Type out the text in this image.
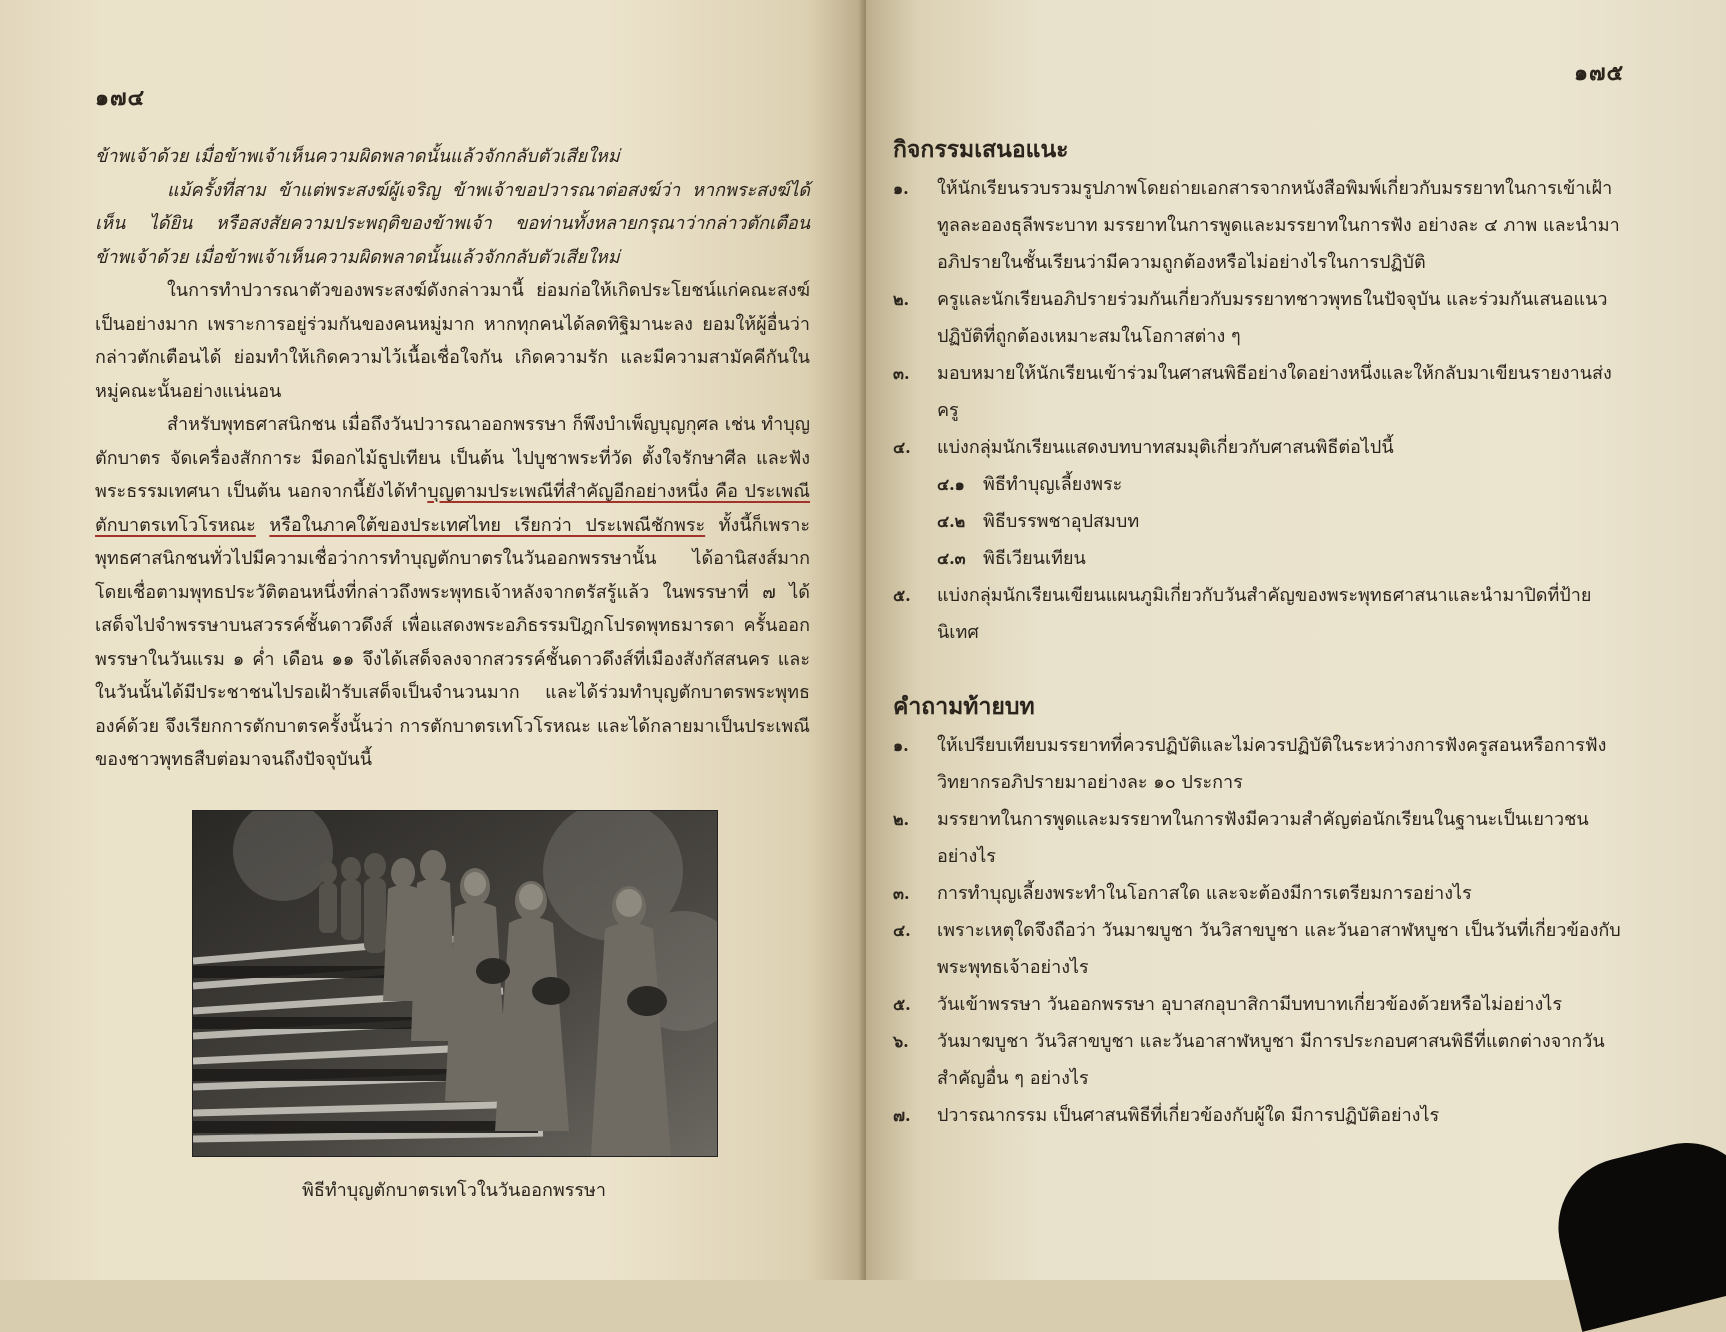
๑๗๔

ข้าพเจ้าด้วย เมื่อข้าพเจ้าเห็นความผิดพลาดนั้นแล้วจักกลับตัวเสียใหม่

แม้ครั้งที่สาม ข้าแต่พระสงฆ์ผู้เจริญ ข้าพเจ้าขอปวารณาต่อสงฆ์ว่า หากพระสงฆ์ได้เห็น ได้ยิน หรือสงสัยความประพฤติของข้าพเจ้า ขอท่านทั้งหลายกรุณาว่ากล่าวตักเตือนข้าพเจ้าด้วย เมื่อข้าพเจ้าเห็นความผิดพลาดนั้นแล้วจักกลับตัวเสียใหม่

ในการทำปวารณาตัวของพระสงฆ์ดังกล่าวมานี้ ย่อมก่อให้เกิดประโยชน์แก่คณะสงฆ์เป็นอย่างมาก เพราะการอยู่ร่วมกันของคนหมู่มาก หากทุกคนได้ลดทิฐิมานะลง ยอมให้ผู้อื่นว่ากล่าวตักเตือนได้ ย่อมทำให้เกิดความไว้เนื้อเชื่อใจกัน เกิดความรัก และมีความสามัคคีกันในหมู่คณะนั้นอย่างแน่นอน

สำหรับพุทธศาสนิกชน เมื่อถึงวันปวารณาออกพรรษา ก็พึงบำเพ็ญบุญกุศล เช่น ทำบุญตักบาตร จัดเครื่องสักการะ มีดอกไม้ธูปเทียน เป็นต้น ไปบูชาพระที่วัด ตั้งใจรักษาศีล และฟังพระธรรมเทศนา เป็นต้น นอกจากนี้ยังได้ทำบุญตามประเพณีที่สำคัญอีกอย่างหนึ่ง คือ ประเพณีตักบาตรเทโวโรหณะ หรือในภาคใต้ของประเทศไทย เรียกว่า ประเพณีชักพระ ทั้งนี้ก็เพราะพุทธศาสนิกชนทั่วไปมีความเชื่อว่าการทำบุญตักบาตรในวันออกพรรษานั้น ได้อานิสงส์มากโดยเชื่อตามพุทธประวัติตอนหนึ่งที่กล่าวถึงพระพุทธเจ้าหลังจากตรัสรู้แล้ว ในพรรษาที่ ๗ ได้เสด็จไปจำพรรษาบนสวรรค์ชั้นดาวดึงส์ เพื่อแสดงพระอภิธรรมปิฎกโปรดพุทธมารดา ครั้นออกพรรษาในวันแรม ๑ ค่ำ เดือน ๑๑ จึงได้เสด็จลงจากสวรรค์ชั้นดาวดึงส์ที่เมืองสังกัสสนคร และในวันนั้นได้มีประชาชนไปรอเฝ้ารับเสด็จเป็นจำนวนมาก และได้ร่วมทำบุญตักบาตรพระพุทธองค์ด้วย จึงเรียกการตักบาตรครั้งนั้นว่า การตักบาตรเทโวโรหณะ และได้กลายมาเป็นประเพณีของชาวพุทธสืบต่อมาจนถึงปัจจุบันนี้

พิธีทำบุญตักบาตรเทโวในวันออกพรรษา
๑๗๕
กิจกรรมเสนอแนะ
๑. ให้นักเรียนรวบรวมรูปภาพโดยถ่ายเอกสารจากหนังสือพิมพ์เกี่ยวกับมรรยาทในการเข้าเฝ้าทูลละอองธุลีพระบาท มรรยาทในการพูดและมรรยาทในการฟัง อย่างละ ๔ ภาพ และนำมาอภิปรายในชั้นเรียนว่ามีความถูกต้องหรือไม่อย่างไรในการปฏิบัติ
๒. ครูและนักเรียนอภิปรายร่วมกันเกี่ยวกับมรรยาทชาวพุทธในปัจจุบัน และร่วมกันเสนอแนวปฏิบัติที่ถูกต้องเหมาะสมในโอกาสต่าง ๆ
๓. มอบหมายให้นักเรียนเข้าร่วมในศาสนพิธีอย่างใดอย่างหนึ่งและให้กลับมาเขียนรายงานส่งครู
๔. แบ่งกลุ่มนักเรียนแสดงบทบาทสมมุติเกี่ยวกับศาสนพิธีต่อไปนี้
๔.๑ พิธีทำบุญเลี้ยงพระ
๔.๒ พิธีบรรพชาอุปสมบท
๔.๓ พิธีเวียนเทียน
๕. แบ่งกลุ่มนักเรียนเขียนแผนภูมิเกี่ยวกับวันสำคัญของพระพุทธศาสนาและนำมาปิดที่ป้ายนิเทศ
คำถามท้ายบท
๑. ให้เปรียบเทียบมรรยาทที่ควรปฏิบัติและไม่ควรปฏิบัติในระหว่างการฟังครูสอนหรือการฟังวิทยากรอภิปรายมาอย่างละ ๑๐ ประการ
๒. มรรยาทในการพูดและมรรยาทในการฟังมีความสำคัญต่อนักเรียนในฐานะเป็นเยาวชนอย่างไร
๓. การทำบุญเลี้ยงพระทำในโอกาสใด และจะต้องมีการเตรียมการอย่างไร
๔. เพราะเหตุใดจึงถือว่า วันมาฆบูชา วันวิสาขบูชา และวันอาสาฬหบูชา เป็นวันที่เกี่ยวข้องกับพระพุทธเจ้าอย่างไร
๕. วันเข้าพรรษา วันออกพรรษา อุบาสกอุบาสิกามีบทบาทเกี่ยวข้องด้วยหรือไม่อย่างไร
๖. วันมาฆบูชา วันวิสาขบูชา และวันอาสาฬหบูชา มีการประกอบศาสนพิธีที่แตกต่างจากวันสำคัญอื่น ๆ อย่างไร
๗. ปวารณากรรม เป็นศาสนพิธีที่เกี่ยวข้องกับผู้ใด มีการปฏิบัติอย่างไร
